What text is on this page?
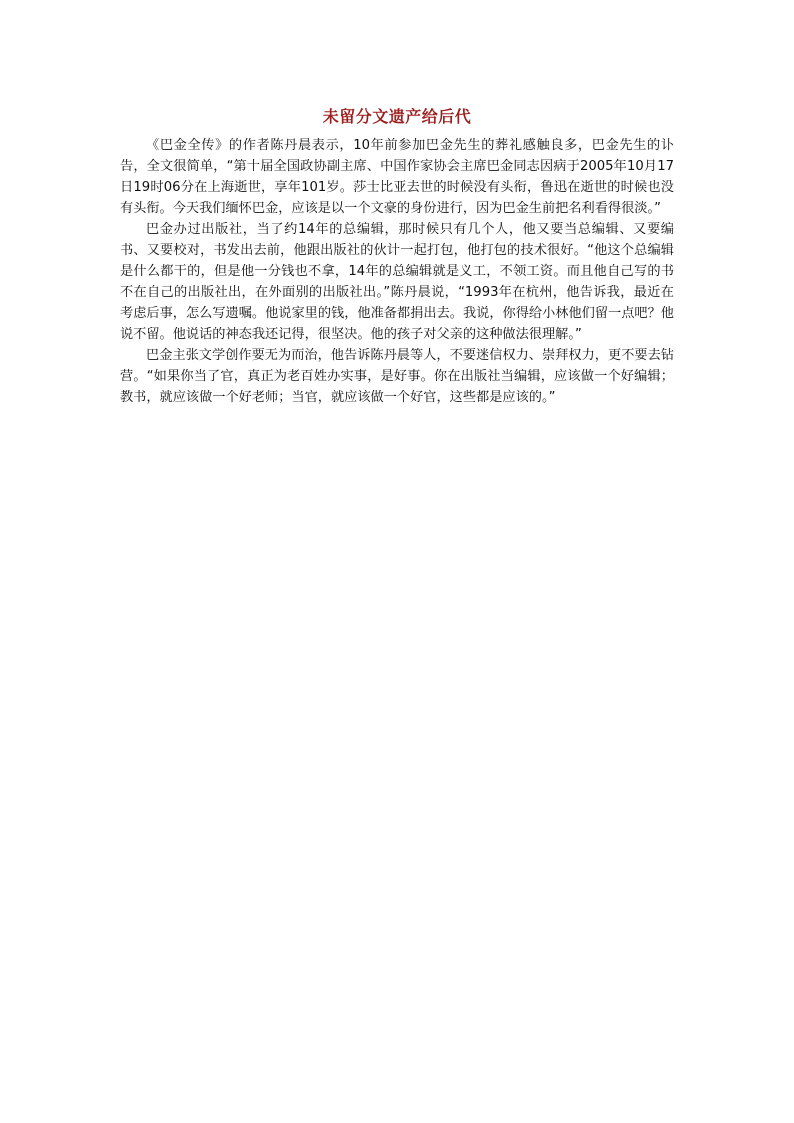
未留分文遗产给后代

《巴金全传》的作者陈丹晨表示，10年前参加巴金先生的葬礼感触良多，巴金先生的讣告，全文很简单，“第十届全国政协副主席、中国作家协会主席巴金同志因病于2005年10月17日19时06分在上海逝世，享年101岁。莎士比亚去世的时候没有头衔，鲁迅在逝世的时候也没有头衔。今天我们缅怀巴金，应该是以一个文豪的身份进行，因为巴金生前把名利看得很淡。”

巴金办过出版社，当了约14年的总编辑，那时候只有几个人，他又要当总编辑、又要编书、又要校对，书发出去前，他跟出版社的伙计一起打包，他打包的技术很好。“他这个总编辑是什么都干的，但是他一分钱也不拿，14年的总编辑就是义工，不领工资。而且他自己写的书不在自己的出版社出，在外面别的出版社出。”陈丹晨说，“1993年在杭州，他告诉我，最近在考虑后事，怎么写遗嘱。他说家里的钱，他准备都捐出去。我说，你得给小林他们留一点吧？他说不留。他说话的神态我还记得，很坚决。他的孩子对父亲的这种做法很理解。”

巴金主张文学创作要无为而治，他告诉陈丹晨等人，不要迷信权力、崇拜权力，更不要去钻营。“如果你当了官，真正为老百姓办实事，是好事。你在出版社当编辑，应该做一个好编辑；教书，就应该做一个好老师；当官，就应该做一个好官，这些都是应该的。”
